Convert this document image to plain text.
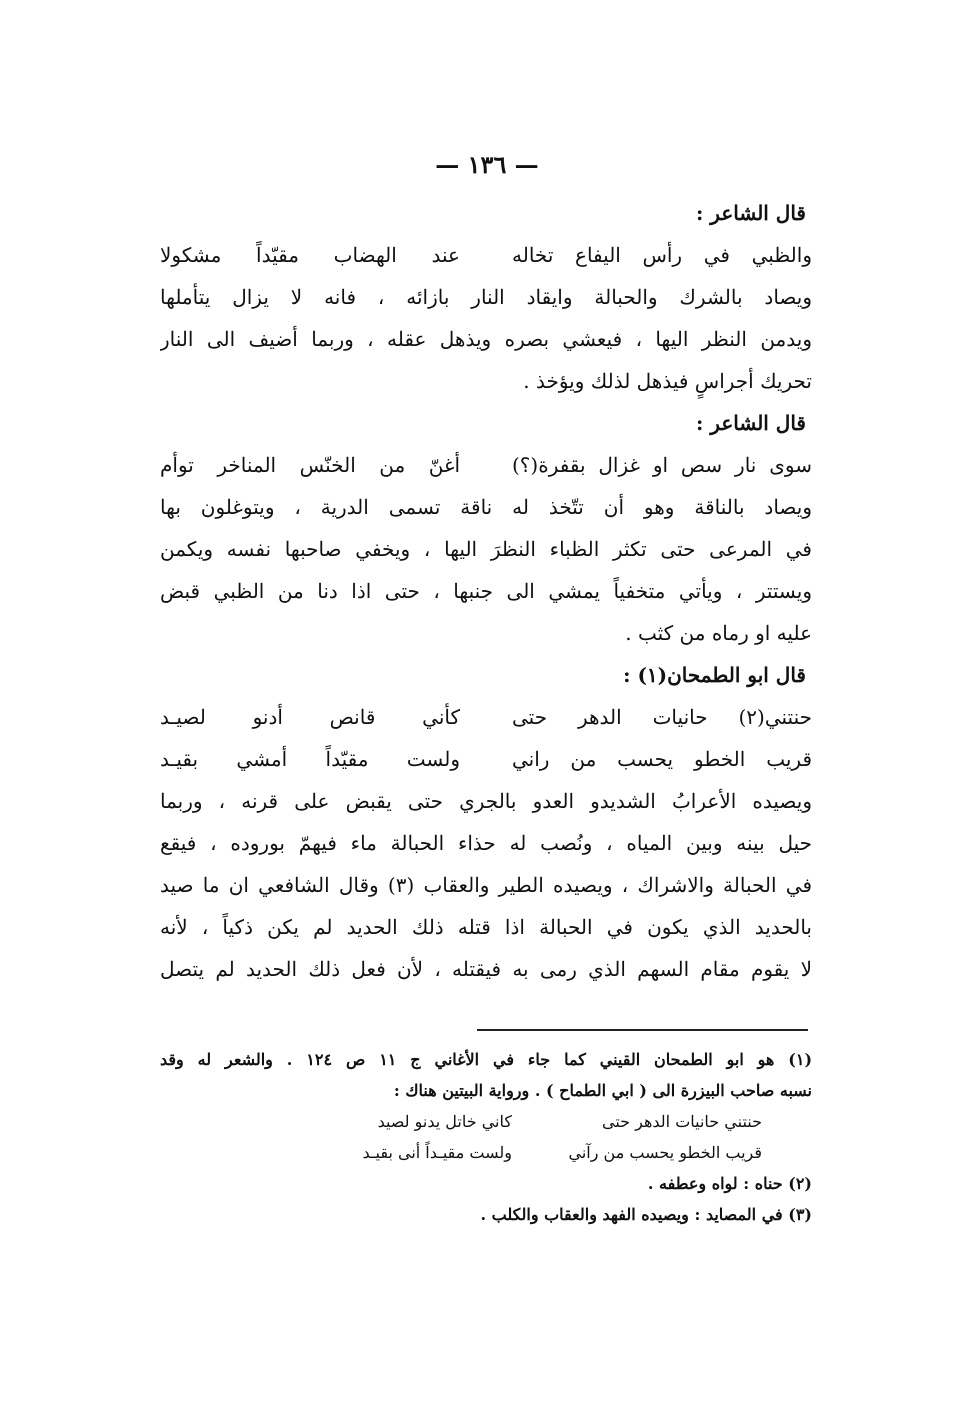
— ١٣٦ —
قال الشاعر :
والظبي في رأس اليفاع تخاله
عند الهضاب مقيّداً مشكولا
ويصاد بالشرك والحبالة وايقاد النار بازائه ، فانه لا يزال يتأملها
ويدمن النظر اليها ، فيعشي بصره ويذهل عقله ، وربما أضيف الى النار
تحريك أجراسٍ فيذهل لذلك ويؤخذ .
قال الشاعر :
سوى نار سص او غزال بقفرة(؟)
أغنّ من الخنّس المناخر توأم
ويصاد بالناقة وهو أن تتّخذ له ناقة تسمى الدرية ، ويتوغلون بها
في المرعى حتى تكثر الظباء النظرَ اليها ، ويخفي صاحبها نفسه ويكمن
ويستتر ، ويأتي متخفياً يمشي الى جنبها ، حتى اذا دنا من الظبي قبض
عليه او رماه من كثب .
قال ابو الطمحان(١) :
حنتني(٢) حانيات الدهر حتى
كأني قانص أدنو لصيـد
قريب الخطو يحسب من راني
ولست مقيّداً أمشي بقيـد
ويصيده الأعرابُ الشديدو العدو بالجري حتى يقبض على قرنه ، وربما
حيل بينه وبين المياه ، ونُصب له حذاء الحبالة ماء فيهمّ بوروده ، فيقع
في الحبالة والاشراك ، ويصيده الطير والعقاب (٣) وقال الشافعي ان ما صيد
بالحديد الذي يكون في الحبالة اذا قتله ذلك الحديد لم يكن ذكياً ، لأنه
لا يقوم مقام السهم الذي رمى به فيقتله ، لأن فعل ذلك الحديد لم يتصل
(١) هو ابو الطمحان القيني كما جاء في الأغاني ج ١١ ص ١٢٤ . والشعر له وقد
نسبه صاحب البيزرة الى ( ابي الطماح ) . ورواية البيتين هناك :
حنتني حانيات الدهر حتى
كاني خاتل يدنو لصيد
قريب الخطو يحسب من رآني
ولست مقيـداً أنى بقيـد
(٢) حناه : لواه وعطفه .
(٣) في المصايد : ويصيده الفهد والعقاب والكلب .
